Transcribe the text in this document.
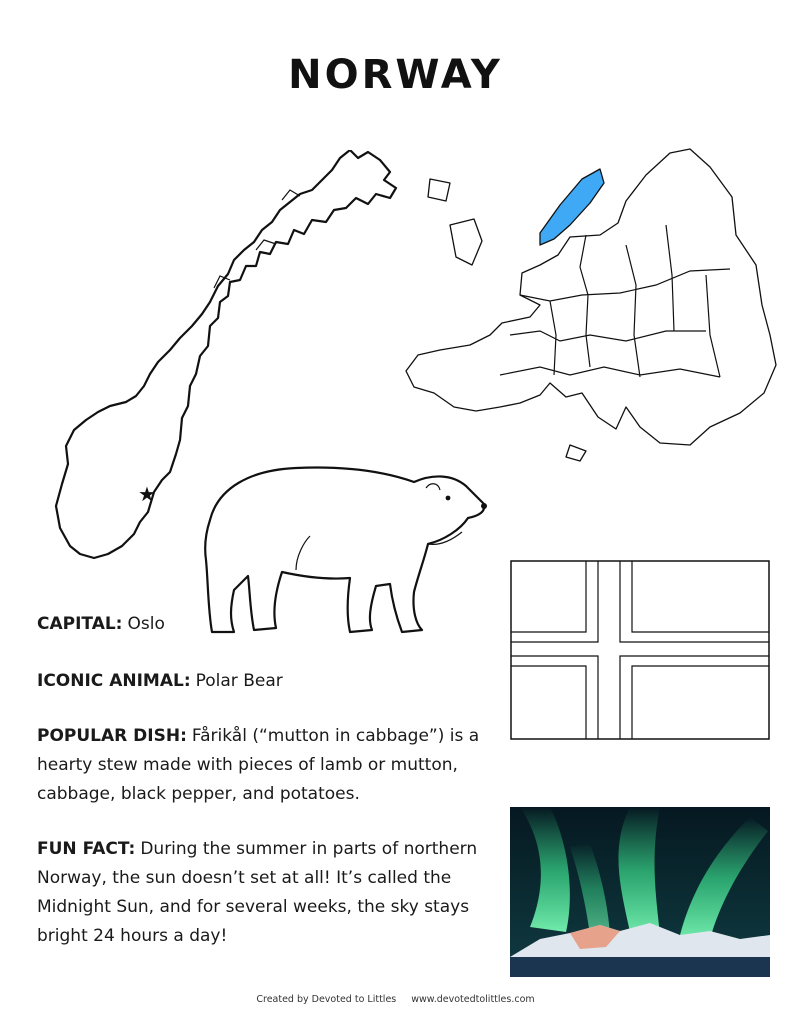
NORWAY
★
CAPITAL: Oslo
ICONIC ANIMAL: Polar Bear
POPULAR DISH: Fårikål (“mutton in cabbage”) is a hearty stew made with pieces of lamb or mutton, cabbage, black pepper, and potatoes.
FUN FACT: During the summer in parts of northern Norway, the sun doesn’t set at all! It’s called the Midnight Sun, and for several weeks, the sky stays bright 24 hours a day!
Created by Devoted to Littles www.devotedtolittles.com
